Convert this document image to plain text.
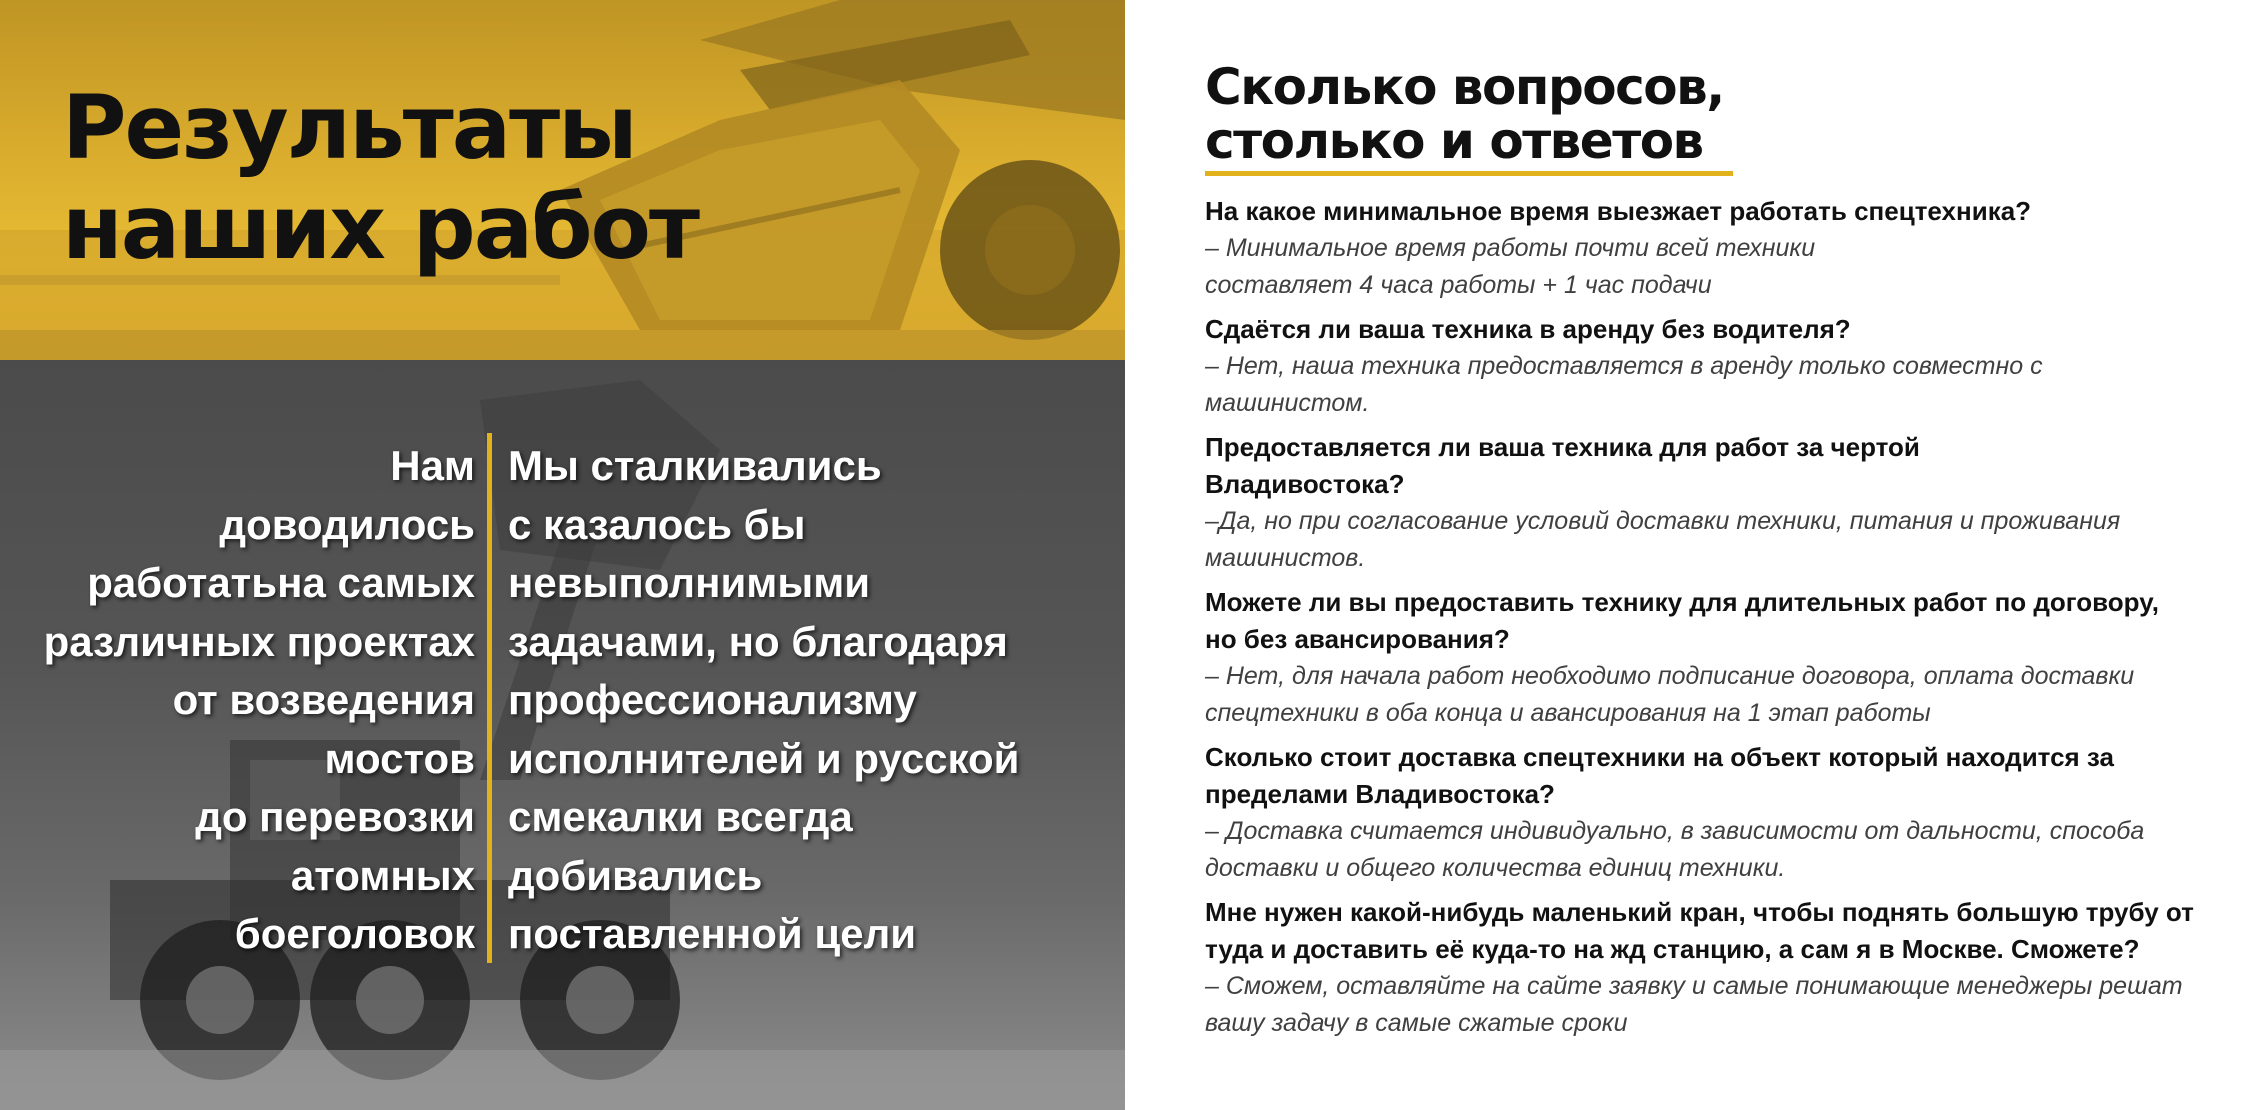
Результаты
наших работ
Нам
доводилось
работатьна самых
различных проектах
от возведения
мостов
до перевозки
атомных
боеголовок
Мы сталкивались
с казалось бы
невыполнимыми
задачами, но благодаря
профессионализму
исполнителей и русской
смекалки всегда
добивались
поставленной цели
Сколько вопросов,
столько и ответов
На какое минимальное время выезжает работать спецтехника?
– Минимальное время работы почти всей техники
составляет 4 часа работы + 1 час подачи
Сдаётся ли ваша техника в аренду без водителя?
– Нет, наша техника предоставляется в аренду только совместно с
машинистом.
Предоставляется ли ваша техника для работ за чертой
Владивостока?
–Да, но при согласование условий доставки техники, питания и проживания
машинистов.
Можете ли вы предоставить технику для длительных работ по договору,
но без авансирования?
– Нет, для начала работ необходимо подписание договора, оплата доставки
спецтехники в оба конца и авансирования на 1 этап работы
Сколько стоит доставка спецтехники на объект который находится за
пределами Владивостока?
– Доставка считается индивидуально, в зависимости от дальности, способа
доставки и общего количества единиц техники.
Мне нужен какой-нибудь маленький кран, чтобы поднять большую трубу от
туда и доставить её куда-то на жд станцию, а сам я в Москве. Сможете?
– Сможем, оставляйте на сайте заявку и самые понимающие менеджеры решат
вашу задачу в самые сжатые сроки
